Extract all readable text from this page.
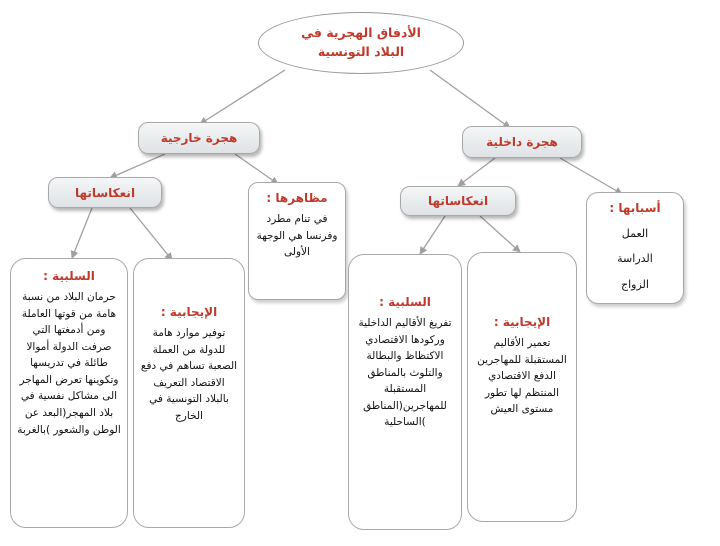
الأدفاق الهجرية في
البلاد التونسية
هجرة خارجية	هجرة داخلية
انعكاساتها	مظاهرها :
في تنام مطرد وفرنسا هي الوجهة الأولى
انعكاساتها	أسبابها :
العمل
الدراسة
الزواج
السلبية :
حرمان البلاد من نسبة هامة من قوتها العاملة ومن أدمغتها التي صرفت الدولة أموالا طائلة في تدريسها وتكوينها تعرض المهاجر الى مشاكل نفسية في بلاد المهجر(البعد عن الوطن والشعور )بالغربة
الإيجابية :
توفير موارد هامة للدولة من العملة الصعبة تساهم في دفع الاقتصاد التعريف بالبلاد التونسية في الخارج
السلبية :
تفريغ الأقاليم الداخلية وركودها الاقتصادي الاكتظاظ والبطالة والتلوث بالمناطق المستقبلة للمهاجرين(المناطق )الساحلية
الإيجابية :
تعمير الأقاليم المستقبلة للمهاجرين الدفع الاقتصادي المنتظم لها تطور مستوى العيش
